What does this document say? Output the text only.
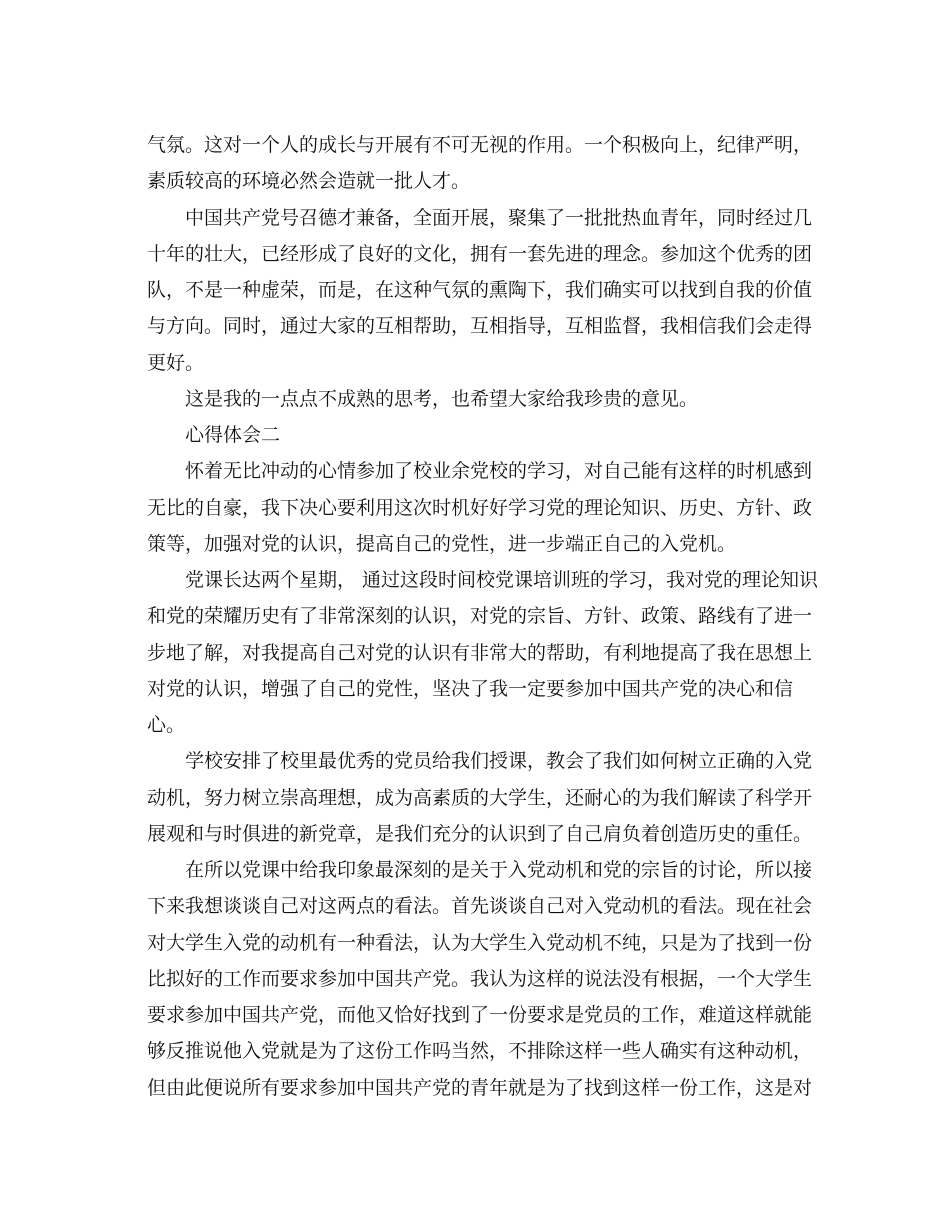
气氛。这对一个人的成长与开展有不可无视的作用。一个积极向上，纪律严明，
素质较高的环境必然会造就一批人才。
中国共产党号召德才兼备，全面开展，聚集了一批批热血青年，同时经过几
十年的壮大，已经形成了良好的文化，拥有一套先进的理念。参加这个优秀的团
队，不是一种虚荣，而是，在这种气氛的熏陶下，我们确实可以找到自我的价值
与方向。同时，通过大家的互相帮助，互相指导，互相监督，我相信我们会走得
更好。
这是我的一点点不成熟的思考，也希望大家给我珍贵的意见。
心得体会二
怀着无比冲动的心情参加了校业余党校的学习，对自己能有这样的时机感到
无比的自豪，我下决心要利用这次时机好好学习党的理论知识、历史、方针、政
策等，加强对党的认识，提高自己的党性，进一步端正自己的入党机。
党课长达两个星期， 通过这段时间校党课培训班的学习，我对党的理论知识
和党的荣耀历史有了非常深刻的认识，对党的宗旨、方针、政策、路线有了进一
步地了解，对我提高自己对党的认识有非常大的帮助，有利地提高了我在思想上
对党的认识，增强了自己的党性，坚决了我一定要参加中国共产党的决心和信
心。
学校安排了校里最优秀的党员给我们授课，教会了我们如何树立正确的入党
动机，努力树立崇高理想，成为高素质的大学生，还耐心的为我们解读了科学开
展观和与时俱进的新党章，是我们充分的认识到了自己肩负着创造历史的重任。
在所以党课中给我印象最深刻的是关于入党动机和党的宗旨的讨论，所以接
下来我想谈谈自己对这两点的看法。首先谈谈自己对入党动机的看法。现在社会
对大学生入党的动机有一种看法，认为大学生入党动机不纯，只是为了找到一份
比拟好的工作而要求参加中国共产党。我认为这样的说法没有根据，一个大学生
要求参加中国共产党，而他又恰好找到了一份要求是党员的工作，难道这样就能
够反推说他入党就是为了这份工作吗当然，不排除这样一些人确实有这种动机，
但由此便说所有要求参加中国共产党的青年就是为了找到这样一份工作，这是对
